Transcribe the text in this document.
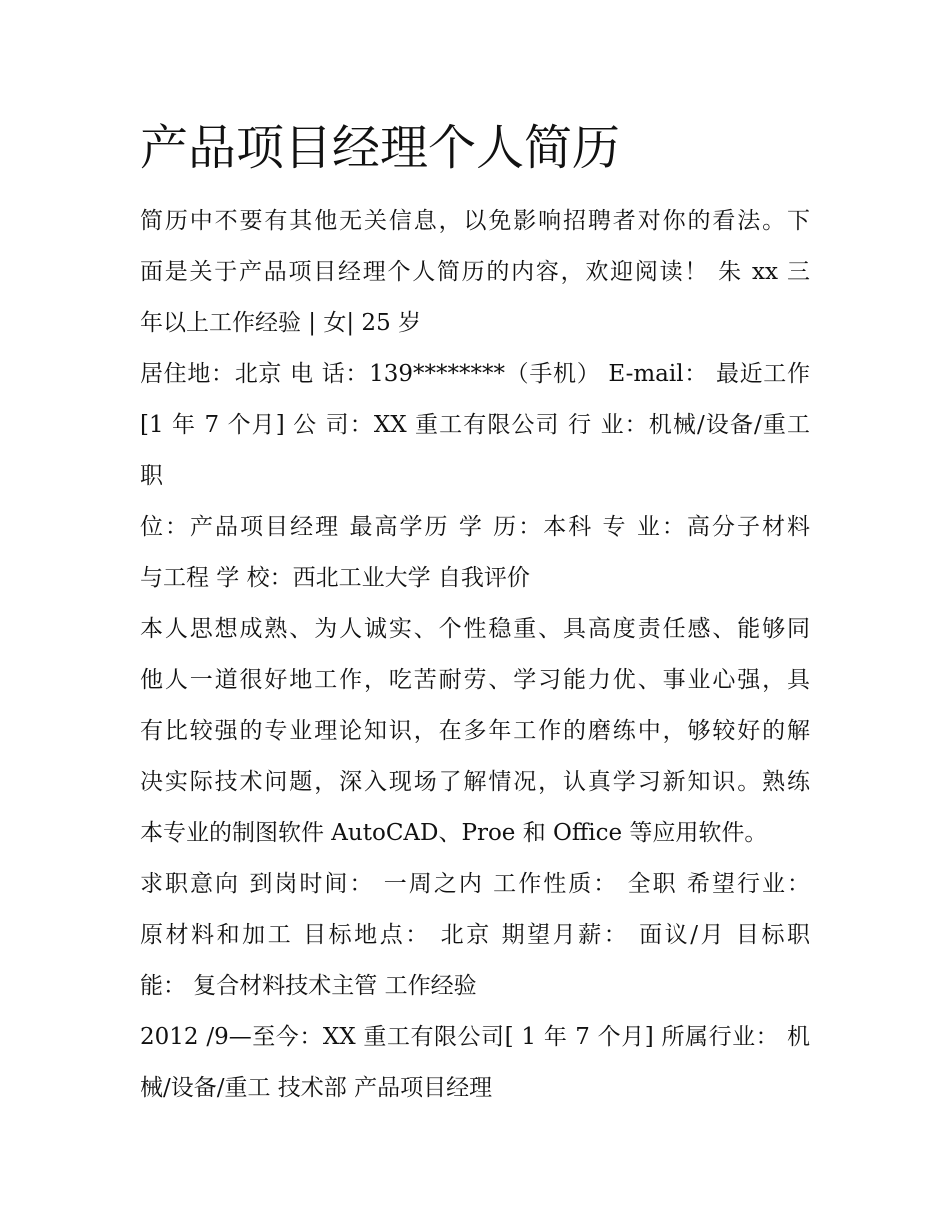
产品项目经理个人简历

简历中不要有其他无关信息，以免影响招聘者对你的看法。下

面是关于产品项目经理个人简历的内容，欢迎阅读！ 朱 xx 三

年以上工作经验 | 女| 25 岁

居住地：北京 电 话：139********（手机） E-mail： 最近工作

[1 年 7 个月] 公 司：XX 重工有限公司 行 业：机械/设备/重工

职

位：产品项目经理 最高学历 学 历：本科 专 业：高分子材料

与工程 学 校：西北工业大学 自我评价

本人思想成熟、为人诚实、个性稳重、具高度责任感、能够同

他人一道很好地工作，吃苦耐劳、学习能力优、事业心强，具

有比较强的专业理论知识，在多年工作的磨练中，够较好的解

决实际技术问题，深入现场了解情况，认真学习新知识。熟练

本专业的制图软件 AutoCAD、Proe 和 Office 等应用软件。

求职意向 到岗时间： 一周之内 工作性质： 全职 希望行业：

原材料和加工 目标地点： 北京 期望月薪： 面议/月 目标职

能： 复合材料技术主管 工作经验

2012 /9—至今：XX 重工有限公司[ 1 年 7 个月] 所属行业： 机

械/设备/重工 技术部 产品项目经理
